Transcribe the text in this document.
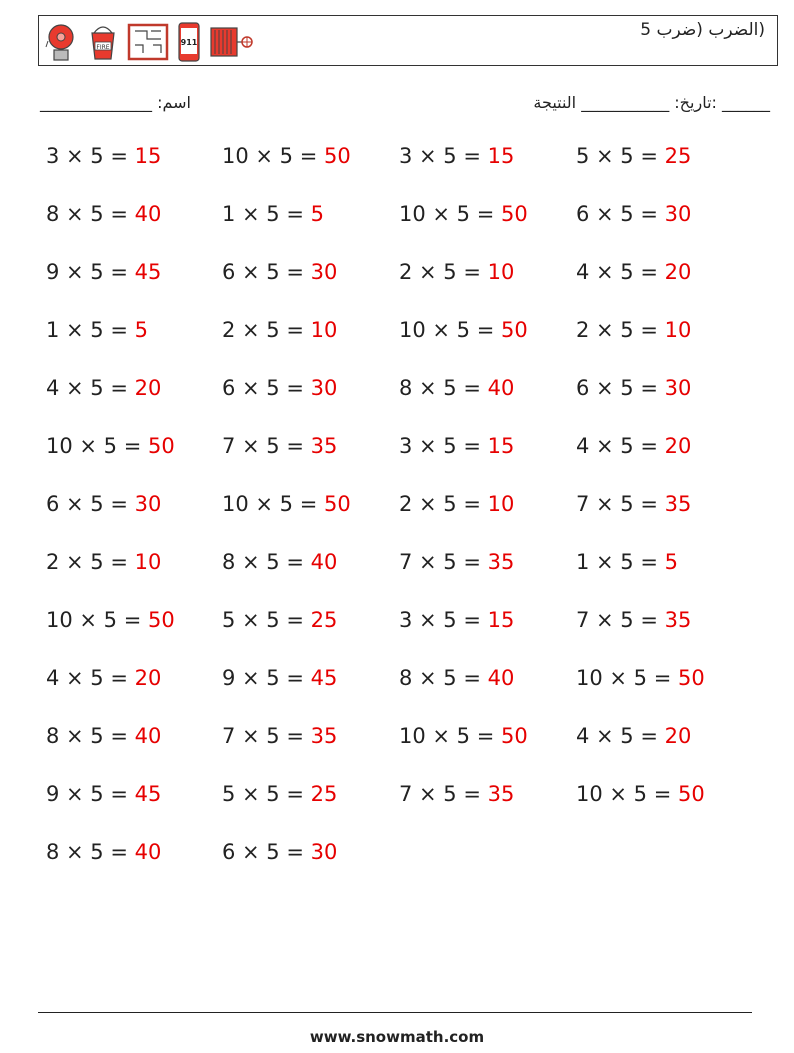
FIRE
911
(الضرب (ضرب 5
اسم: ______________	______ :تاريخ: ___________ النتيجة
3 × 5 = 15	10 × 5 = 50 3 × 5 = 15	5 × 5 = 25
8 × 5 = 40	1 × 5 = 5	10 × 5 = 50 6 × 5 = 30
9 × 5 = 45	6 × 5 = 30	2 × 5 = 10	4 × 5 = 20
1 × 5 = 5	2 × 5 = 10	10 × 5 = 50 2 × 5 = 10
4 × 5 = 20	6 × 5 = 30	8 × 5 = 40	6 × 5 = 30
10 × 5 = 50 7 × 5 = 35	3 × 5 = 15	4 × 5 = 20
6 × 5 = 30	10 × 5 = 50 2 × 5 = 10	7 × 5 = 35
2 × 5 = 10	8 × 5 = 40	7 × 5 = 35	1 × 5 = 5
10 × 5 = 50 5 × 5 = 25	3 × 5 = 15	7 × 5 = 35
4 × 5 = 20	9 × 5 = 45	8 × 5 = 40	10 × 5 = 50
8 × 5 = 40	7 × 5 = 35	10 × 5 = 50 4 × 5 = 20
9 × 5 = 45	5 × 5 = 25	7 × 5 = 35	10 × 5 = 50
8 × 5 = 40	6 × 5 = 30
www.snowmath.com
